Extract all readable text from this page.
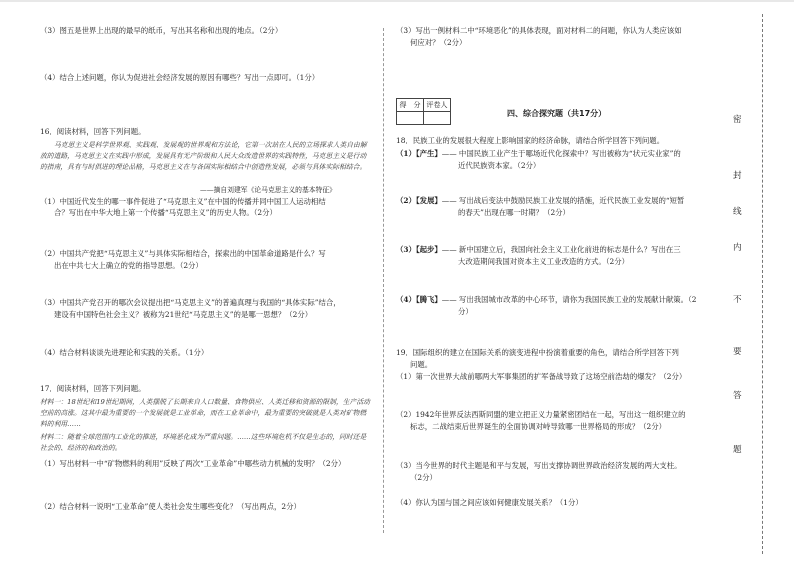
（3）图五是世界上出现的最早的纸币，写出其名称和出现的地点。（2分）
（4）结合上述问题，你认为促进社会经济发展的原因有哪些？写出一点即可。（1分）
16．阅读材料，回答下列问题。
马克思主义是科学世界观、实践观、发展观的世界观和方法论，它第一次站在人民的立场探求人类自由解放的道路，马克思主义在实践中形成，发展具有无产阶级和人民大众改造世界的实践特性，马克思主义是行动的指南，具有与时俱进的理论品格，马克思主义在与各国实际相结合中创造性发展，必须与具体实际相结合。
——摘自刘建军《论马克思主义的基本特征》
（1）中国近代发生的哪一事件促进了“马克思主义”在中国的传播并同中国工人运动相结
合？写出在中华大地上第一个传播“马克思主义”的历史人物。（2分）
（2）中国共产党把“马克思主义”与具体实际相结合，探索出的中国革命道路是什么？写
出在中共七大上确立的党的指导思想。（2分）
（3）中国共产党召开的哪次会议提出把“马克思主义”的普遍真理与我国的“具体实际”结合，
建设有中国特色社会主义？被称为21世纪“马克思主义”的是哪一思想？（2分）
（4）结合材料谈谈先进理论和实践的关系。（1分）
17．阅读材料，回答下列问题。
材料一：18世纪和19世纪期间，人类摆脱了长期来自人口数量、食物供应、人类迁移和资源的限制，生产活动空前的高涨。这其中最为重要的一个发展就是工业革命，而在工业革命中，最为重要的突破就是人类对矿物燃料的利用……
材料二：随着全球范围内工业化的推进，环境恶化成为严重问题。……这些环境危机不仅是生态的，同时还是社会的、经济的和政治的。
（1）写出材料一中“矿物燃料的利用”反映了两次“工业革命”中哪些动力机械的发明？（2分）
（2）结合材料一说明“工业革命”使人类社会发生哪些变化？（写出两点，2分）
（3）写出一例材料二中“环境恶化”的具体表现，面对材料二的问题，你认为人类应该如
何应对？（2分）
得　分	评卷人

四、综合探究题（共17分）
18．民族工业的发展很大程度上影响国家的经济命脉，请结合所学回答下列问题。
（1）【产生】—— 中国民族工业产生于哪场近代化探索中？写出被称为“状元实业家”的
近代民族资本家。（2分）
（2）【发展】—— 写出战后变法中鼓励民族工业发展的措施，近代民族工业发展的“短暂
的春天”出现在哪一时期？（2分）
（3）【起步】—— 新中国建立后，我国向社会主义工业化前进的标志是什么？写出在三
大改造期间我国对资本主义工业改造的方式。（2分）
（4）【腾飞】—— 写出我国城市改革的中心环节，请你为我国民族工业的发展献计献策。（2
分）
19．国际组织的建立在国际关系的演变进程中扮演着重要的角色，请结合所学回答下列
问题。
（1）第一次世界大战前哪两大军事集团的扩军备战导致了这场空前浩劫的爆发？（2分）
（2）1942年世界反法西斯同盟的建立把正义力量紧密团结在一起，写出这一组织建立的
标志，二战结束后世界诞生的全面协调对峙导致哪一世界格局的形成？（2分）
（3）当今世界的时代主题是和平与发展，写出支撑协调世界政治经济发展的两大支柱。
（2分）
（4）你认为国与国之间应该如何健康发展关系？（1分）
密
封
线
内
不
要
答
题
